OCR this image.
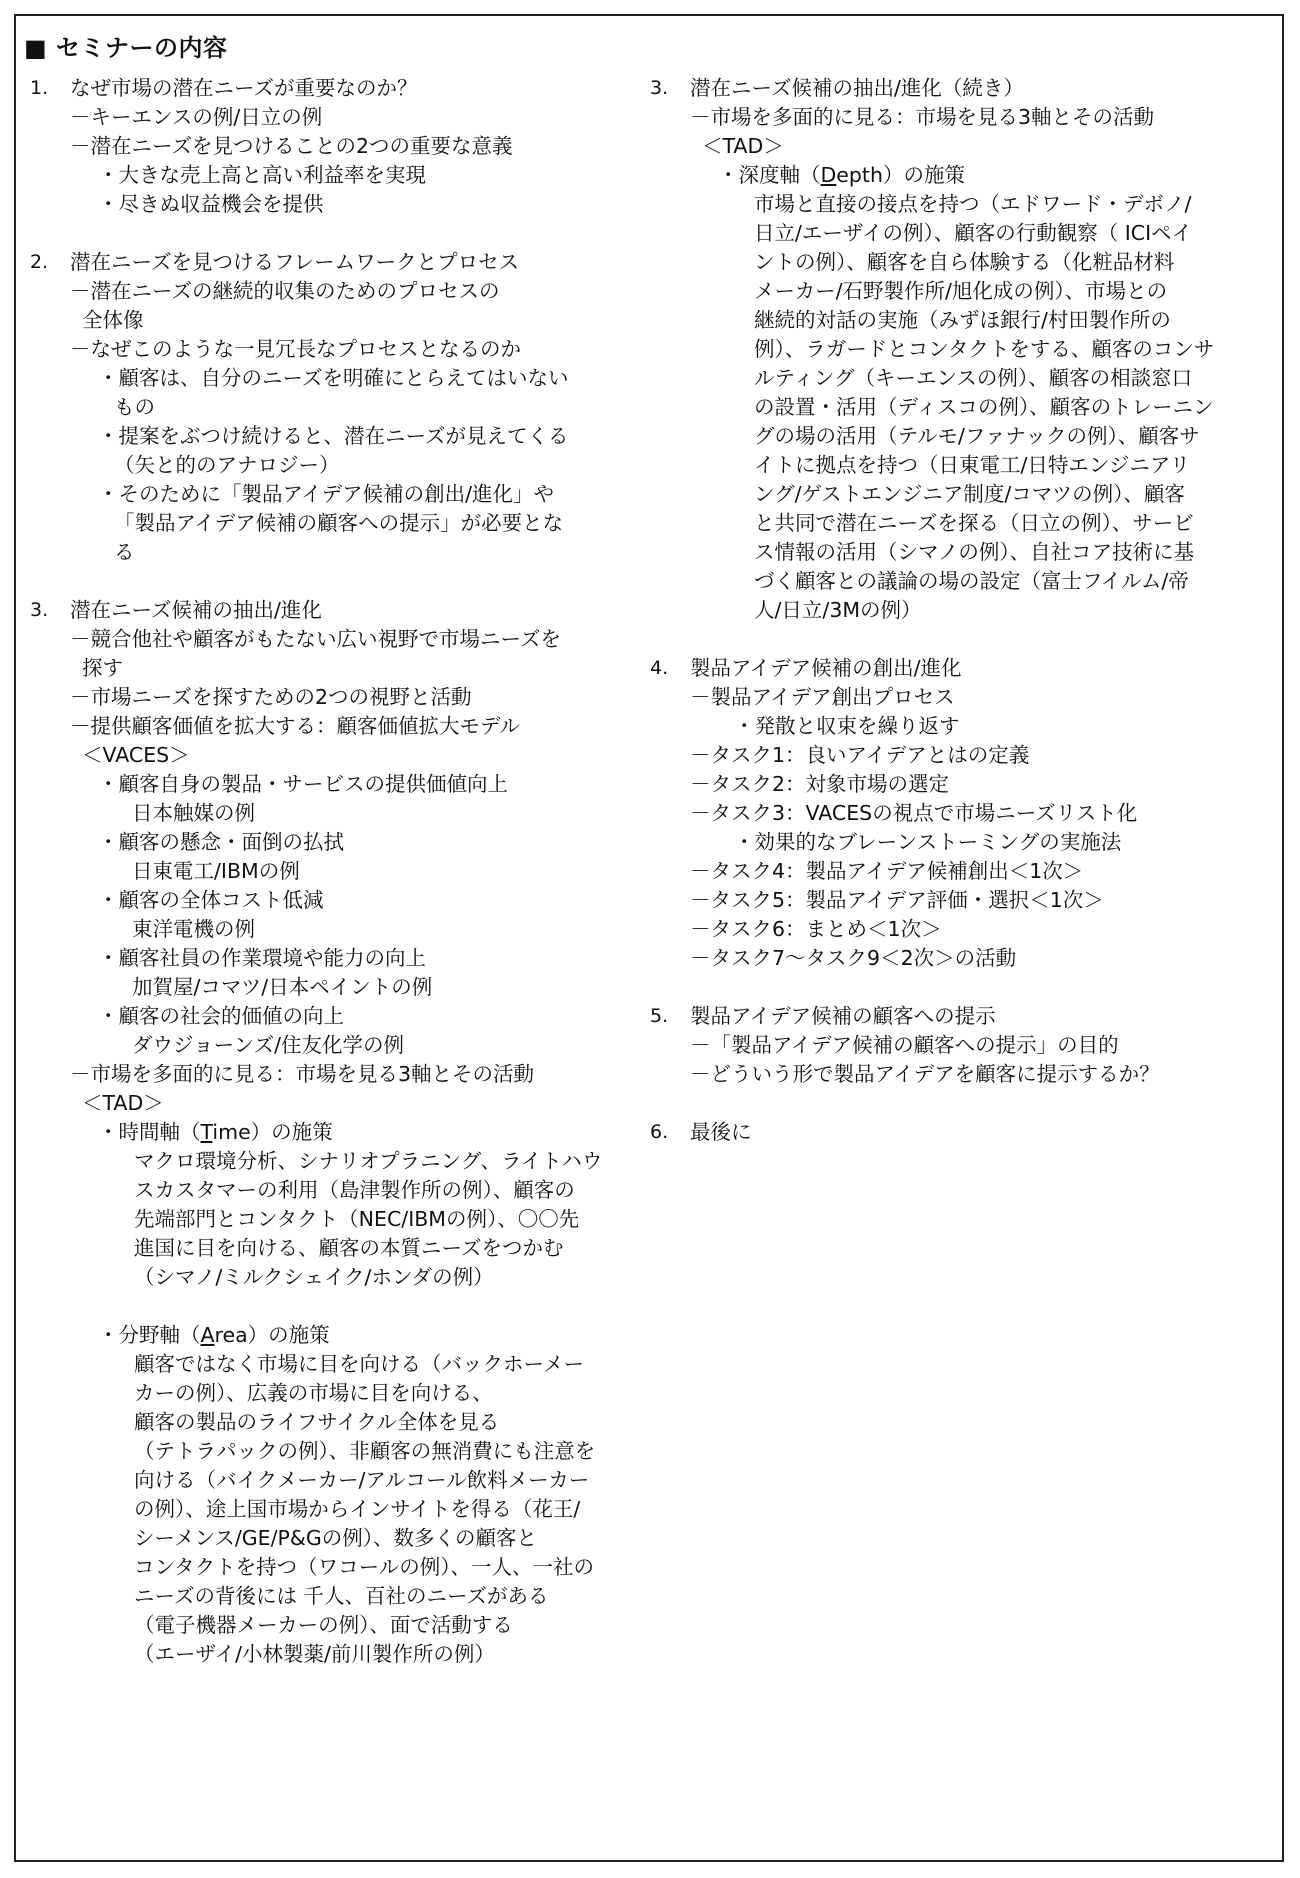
■ セミナーの内容
1. なぜ市場の潜在ニーズが重要なのか？
－キーエンスの例/日立の例
－潜在ニーズを見つけることの2つの重要な意義
・大きな売上高と高い利益率を実現
・尽きぬ収益機会を提供
2. 潜在ニーズを見つけるフレームワークとプロセス
－潜在ニーズの継続的収集のためのプロセスの
全体像
－なぜこのような一見冗長なプロセスとなるのか
・顧客は、自分のニーズを明確にとらえてはいない
もの
・提案をぶつけ続けると、潜在ニーズが見えてくる
（矢と的のアナロジー）
・そのために「製品アイデア候補の創出/進化」や
「製品アイデア候補の顧客への提示」が必要とな
る
3. 潜在ニーズ候補の抽出/進化
－競合他社や顧客がもたない広い視野で市場ニーズを
探す
－市場ニーズを探すための2つの視野と活動
－提供顧客価値を拡大する：顧客価値拡大モデル
＜VACES＞
・顧客自身の製品・サービスの提供価値向上
日本触媒の例
・顧客の懸念・面倒の払拭
日東電工/IBMの例
・顧客の全体コスト低減
東洋電機の例
・顧客社員の作業環境や能力の向上
加賀屋/コマツ/日本ペイントの例
・顧客の社会的価値の向上
ダウジョーンズ/住友化学の例
－市場を多面的に見る：市場を見る3軸とその活動
＜TAD＞
・時間軸（Time）の施策
マクロ環境分析、シナリオプラニング、ライトハウ
スカスタマーの利用（島津製作所の例）、顧客の
先端部門とコンタクト（NEC/IBMの例）、〇〇先
進国に目を向ける、顧客の本質ニーズをつかむ
（シマノ/ミルクシェイク/ホンダの例）
・分野軸（Area）の施策
顧客ではなく市場に目を向ける（バックホーメー
カーの例）、広義の市場に目を向ける、
顧客の製品のライフサイクル全体を見る
（テトラパックの例）、非顧客の無消費にも注意を
向ける（バイクメーカー/アルコール飲料メーカー
の例）、途上国市場からインサイトを得る（花王/
シーメンス/GE/P&Gの例）、数多くの顧客と
コンタクトを持つ（ワコールの例）、一人、一社の
ニーズの背後には 千人、百社のニーズがある
（電子機器メーカーの例）、面で活動する
（エーザイ/小林製薬/前川製作所の例）
3. 潜在ニーズ候補の抽出/進化（続き）
－市場を多面的に見る：市場を見る3軸とその活動
＜TAD＞
・深度軸（Depth）の施策
市場と直接の接点を持つ（エドワード・デボノ/
日立/エーザイの例）、顧客の行動観察（ ICIペイ
ントの例）、顧客を自ら体験する（化粧品材料
メーカー/石野製作所/旭化成の例）、市場との
継続的対話の実施（みずほ銀行/村田製作所の
例）、ラガードとコンタクトをする、顧客のコンサ
ルティング（キーエンスの例）、顧客の相談窓口
の設置・活用（ディスコの例）、顧客のトレーニン
グの場の活用（テルモ/ファナックの例）、顧客サ
イトに拠点を持つ（日東電工/日特エンジニアリ
ング/ゲストエンジニア制度/コマツの例）、顧客
と共同で潜在ニーズを探る（日立の例）、サービ
ス情報の活用（シマノの例）、自社コア技術に基
づく顧客との議論の場の設定（富士フイルム/帝
人/日立/3Mの例）
4. 製品アイデア候補の創出/進化
－製品アイデア創出プロセス
・発散と収束を繰り返す
－タスク1：良いアイデアとはの定義
－タスク2：対象市場の選定
－タスク3：VACESの視点で市場ニーズリスト化
・効果的なブレーンストーミングの実施法
－タスク4：製品アイデア候補創出＜1次＞
－タスク5：製品アイデア評価・選択＜1次＞
－タスク6：まとめ＜1次＞
－タスク7～タスク9＜2次＞の活動
5. 製品アイデア候補の顧客への提示
－「製品アイデア候補の顧客への提示」の目的
－どういう形で製品アイデアを顧客に提示するか？
6. 最後に
